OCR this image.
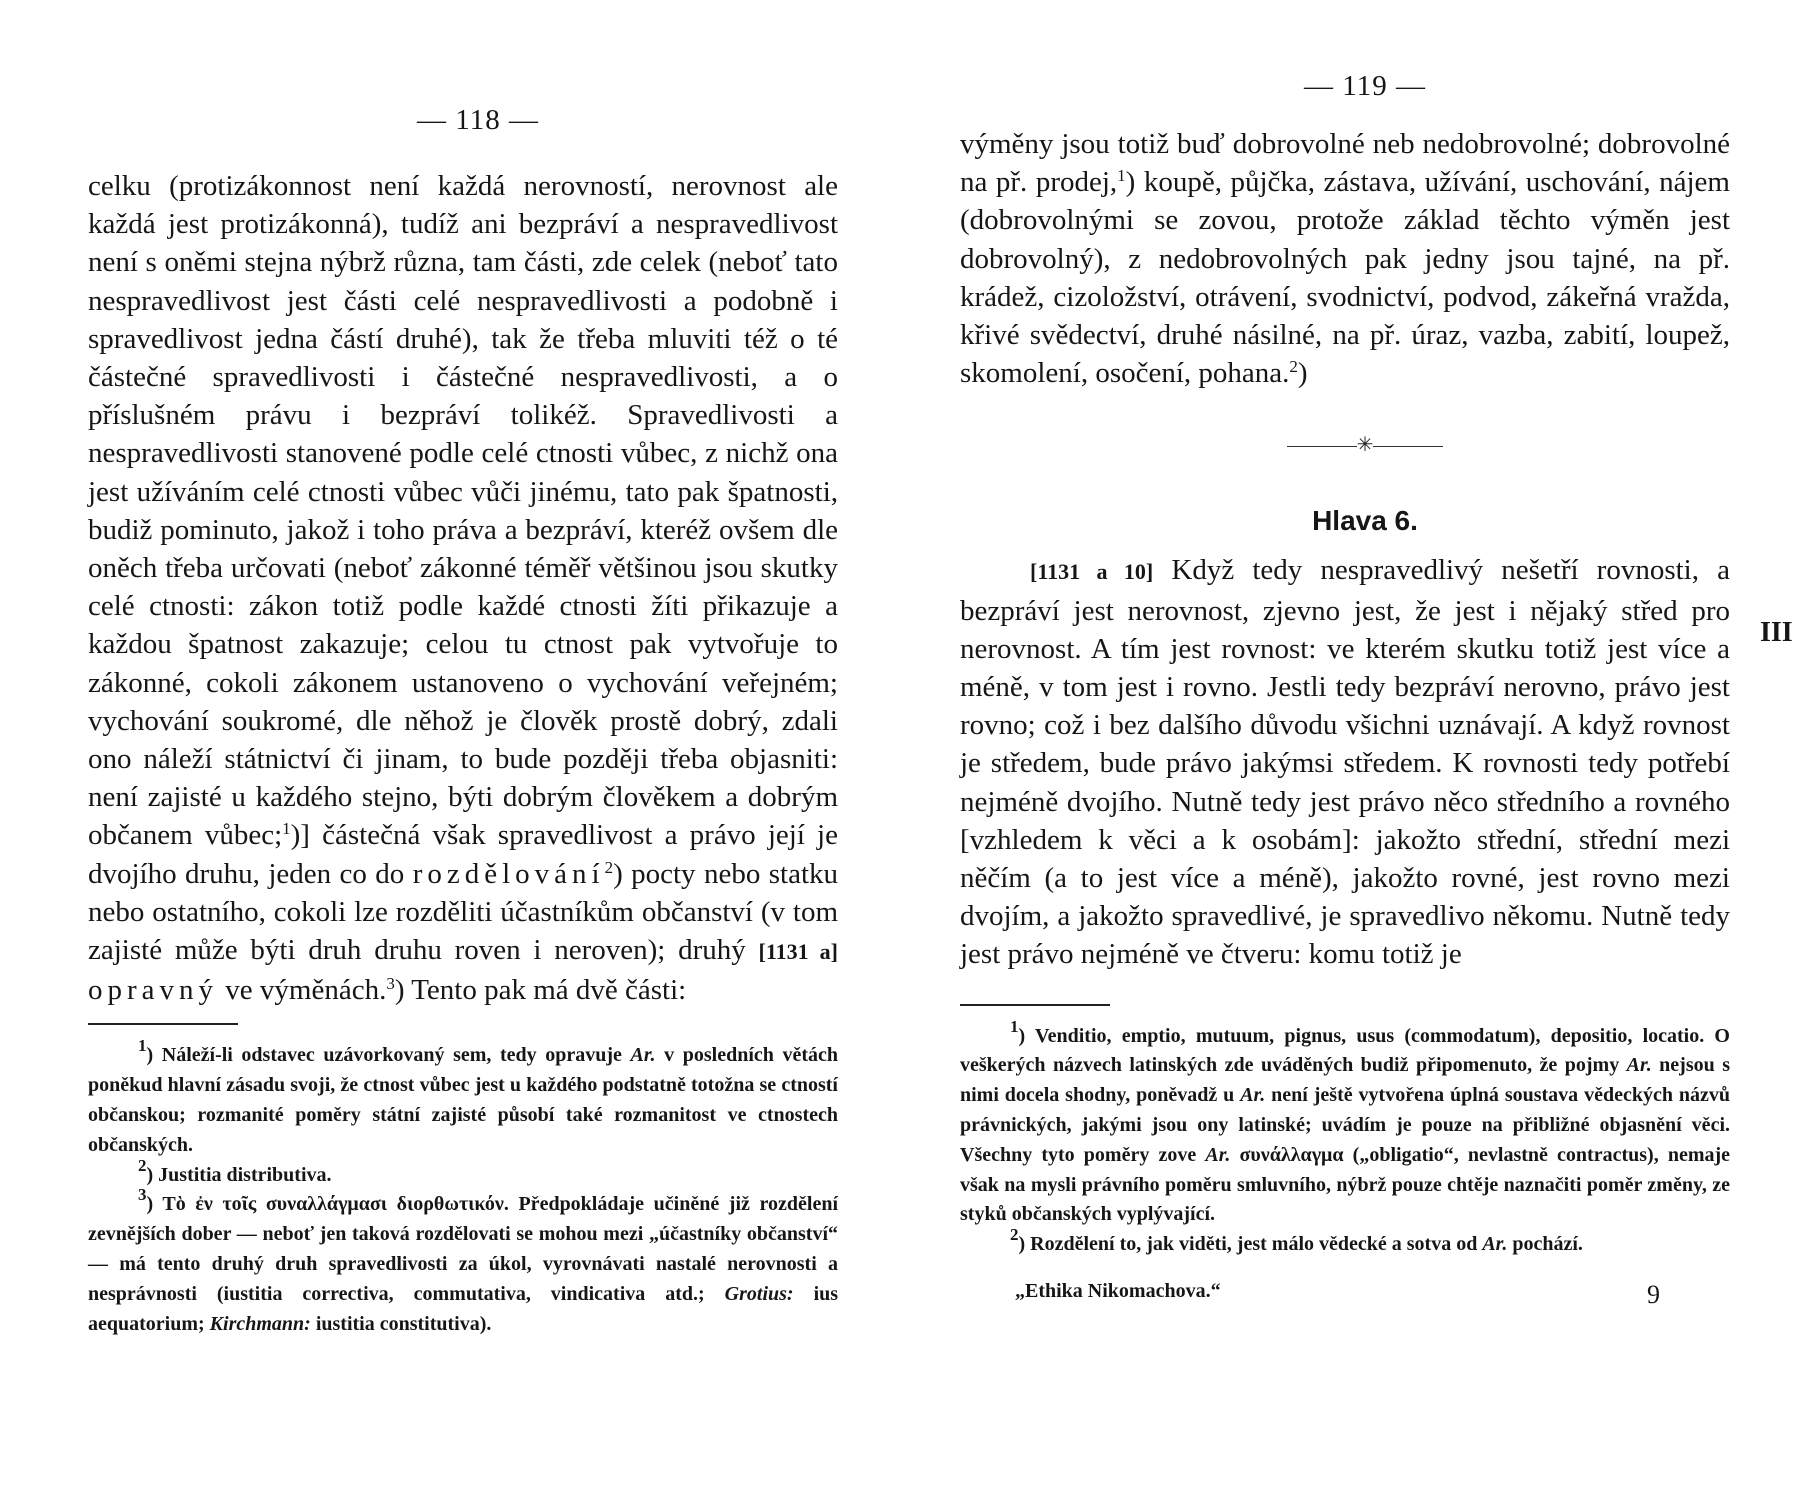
— 118 —

celku (protizákonnost není každá nerovností, nerovnost ale každá jest protizákonná), tudíž ani bezpráví a nespravedlivost není s oněmi stejna nýbrž různa, tam části, zde celek (neboť tato nespravedlivost jest části celé nespravedlivosti a podobně i spravedlivost jedna částí druhé), tak že třeba mluviti též o té částečné spravedlivosti i částečné nespravedlivosti, a o příslušném právu i bezpráví tolikéž. Spravedlivosti a nespravedlivosti stanovené podle celé ctnosti vůbec, z nichž ona jest užíváním celé ctnosti vůbec vůči jinému, tato pak špatnosti, budiž pominuto, jakož i toho práva a bezpráví, kteréž ovšem dle oněch třeba určovati (neboť zákonné téměř většinou jsou skutky celé ctnosti: zákon totiž podle každé ctnosti žíti přikazuje a každou špatnost zakazuje; celou tu ctnost pak vytvořuje to zákonné, cokoli zákonem ustanoveno o vychování veřejném; vychování soukromé, dle něhož je člověk prostě dobrý, zdali ono náleží státnictví či jinam, to bude později třeba objasniti: není zajisté u každého stejno, býti dobrým člověkem a dobrým občanem vůbec;$^1$)] částečná však spravedlivost a právo její je dvojího druhu, jeden co do rozdělování$^2$) pocty nebo statku nebo ostatního, cokoli lze rozděliti účastníkům občanství (v tom zajisté může býti druh druhu roven i neroven); druhý [1131 a] opravný ve výměnách.$^3$) Tento pak má dvě části:

$^1$) Náleží-li odstavec uzávorkovaný sem, tedy opravuje Ar. v posledních větách poněkud hlavní zásadu svoji, že ctnost vůbec jest u každého podstatně totožna se ctností občanskou; rozmanité poměry státní zajisté působí také rozmanitost ve ctnostech občanských.

$^2$) Justitia distributiva.

$^3$) Τὸ ἐν τοῖς συναλλάγμασι διορθωτικόν. Předpokládaje učiněné již rozdělení zevnějších dober — neboť jen taková rozdělovati se mohou mezi „účastníky občanství“ — má tento druhý druh spravedlivosti za úkol, vyrovnávati nastalé nerovnosti a nesprávnosti (iustitia correctiva, commutativa, vindicativa atd.; Grotius: ius aequatorium; Kirchmann: iustitia constitutiva).

— 119 —

výměny jsou totiž buď dobrovolné neb nedobrovolné; dobrovolné na př. prodej,$^1$) koupě, půjčka, zástava, užívání, uschování, nájem (dobrovolnými se zovou, protože základ těchto výměn jest dobrovolný), z nedobrovolných pak jedny jsou tajné, na př. krádež, cizoložství, otrávení, svodnictví, podvod, zákeřná vražda, křivé svědectví, druhé násilné, na př. úraz, vazba, zabití, loupež, skomolení, osočení, pohana.$^2$)

✳
Hlava 6.
III

[1131 a 10] Když tedy nespravedlivý nešetří rovnosti, a bezpráví jest nerovnost, zjevno jest, že jest i nějaký střed pro nerovnost. A tím jest rovnost: ve kterém skutku totiž jest více a méně, v tom jest i rovno. Jestli tedy bezpráví nerovno, právo jest rovno; což i bez dalšího důvodu všichni uznávají. A když rovnost je středem, bude právo jakýmsi středem. K rovnosti tedy potřebí nejméně dvojího. Nutně tedy jest právo něco středního a rovného [vzhledem k věci a k osobám]: jakožto střední, střední mezi něčím (a to jest více a méně), jakožto rovné, jest rovno mezi dvojím, a jakožto spravedlivé, je spravedlivo někomu. Nutně tedy jest právo nejméně ve čtveru: komu totiž je

$^1$) Venditio, emptio, mutuum, pignus, usus (commodatum), depositio, locatio. O veškerých názvech latinských zde uváděných budiž připomenuto, že pojmy Ar. nejsou s nimi docela shodny, poněvadž u Ar. není ještě vytvořena úplná soustava vědeckých názvů právnických, jakými jsou ony latinské; uvádím je pouze na přibližné objasnění věci. Všechny tyto poměry zove Ar. συνάλλαγμα („obligatio“, nevlastně contractus), nemaje však na mysli právního poměru smluvního, nýbrž pouze chtěje naznačiti poměr změny, ze styků občanských vyplývající.

$^2$) Rozdělení to, jak viděti, jest málo vědecké a sotva od Ar. pochází.

„Ethika Nikomachova.“	9
